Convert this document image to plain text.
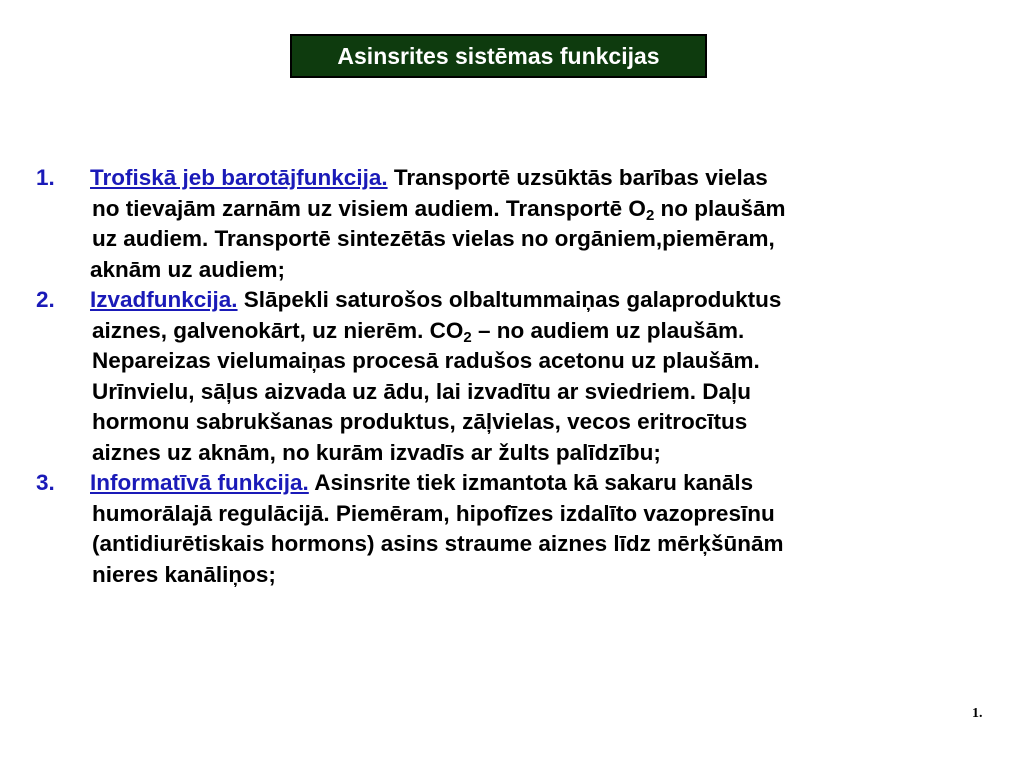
Asinsrites sistēmas funkcijas
1. Trofiskā jeb barotājfunkcija. Transportē uzsūktās barības vielas
no tievajām zarnām uz visiem audiem. Transportē $O_2$ no plaušām
uz audiem. Transportē sintezētās vielas no orgāniem,piemēram,
aknām uz audiem;
2. Izvadfunkcija. Slāpekli saturošos olbaltummaiņas galaproduktus
aiznes, galvenokārt, uz nierēm. $CO_2$ – no audiem uz plaušām.
Nepareizas vielumaiņas procesā radušos acetonu uz plaušām.
Urīnvielu, sāļus aizvada uz ādu, lai izvadītu ar sviedriem. Daļu
hormonu sabrukšanas produktus, zāļvielas, vecos eritrocītus
aiznes uz aknām, no kurām izvadīs ar žults palīdzību;
3. Informatīvā funkcija. Asinsrite tiek izmantota kā sakaru kanāls
humorālajā regulācijā. Piemēram, hipofīzes izdalīto vazopresīnu
(antidiurētiskais hormons) asins straume aiznes līdz mērķšūnām
nieres kanāliņos;
1.
